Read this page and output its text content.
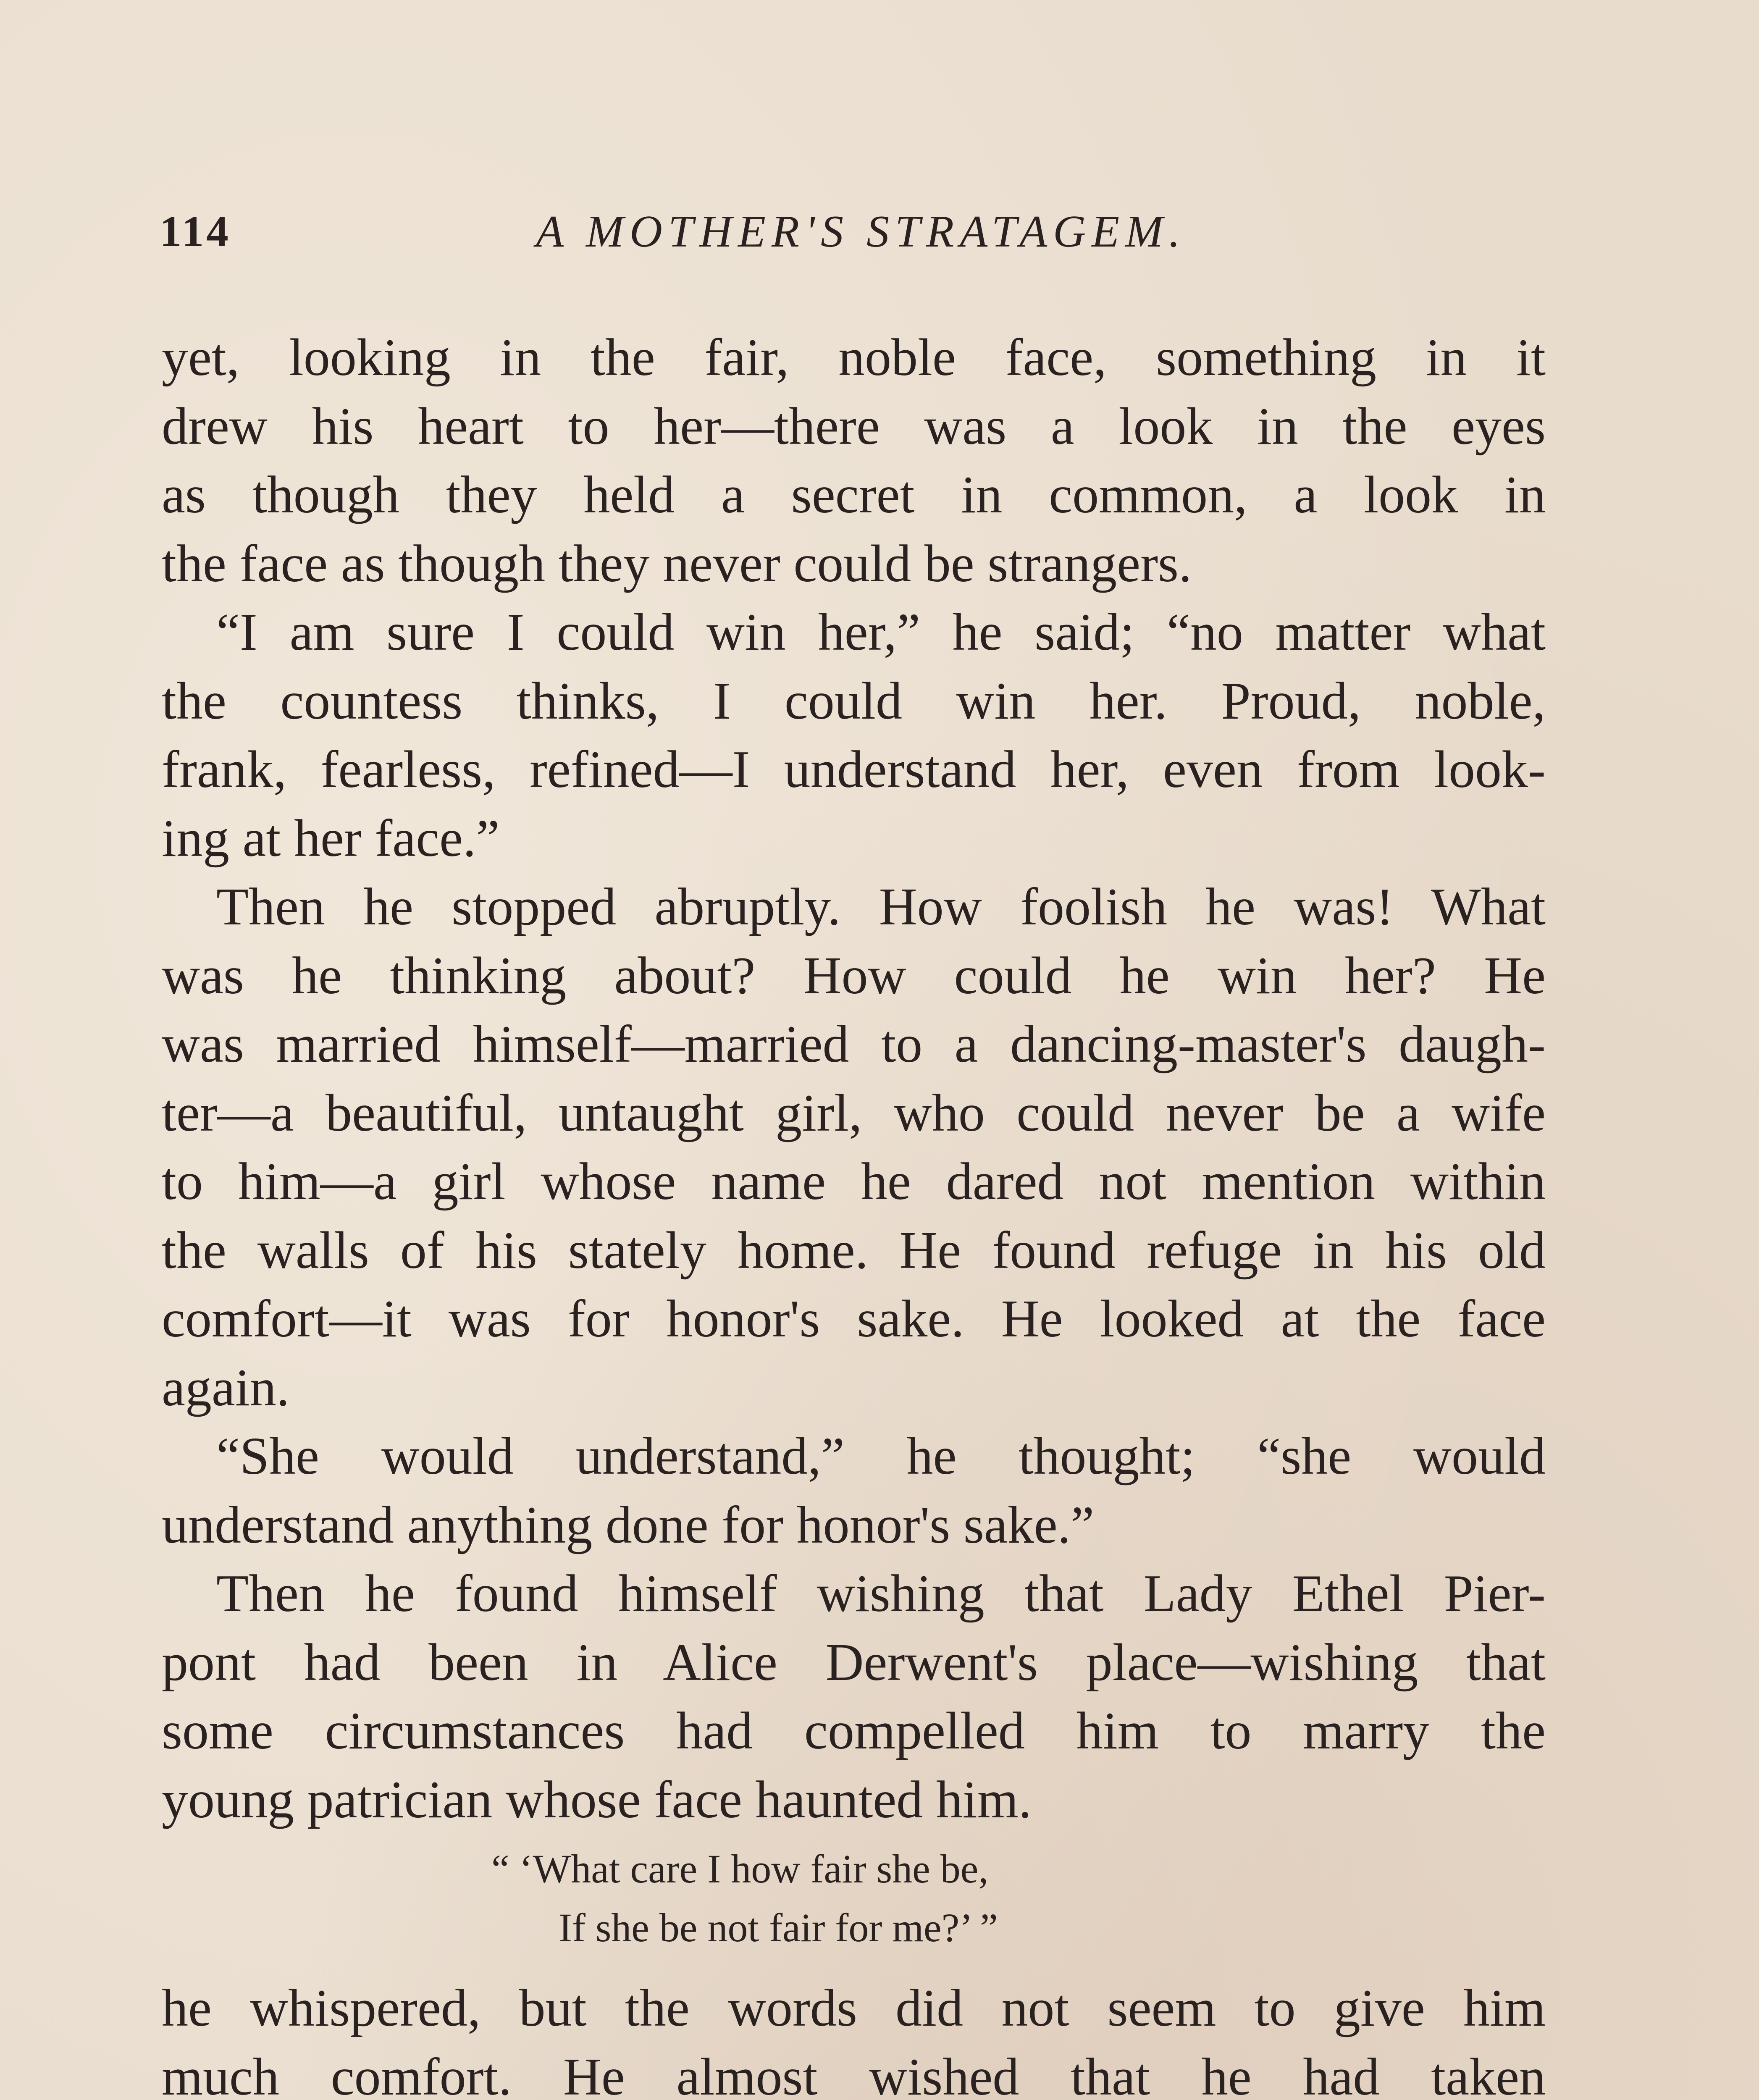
114	A MOTHER'S STRATAGEM.
yet, looking in the fair, noble face, something in it
drew his heart to her—there was a look in the eyes
as though they held a secret in common, a look in
the face as though they never could be strangers.
“I am sure I could win her,” he said; “no matter what
the countess thinks, I could win her. Proud, noble,
frank, fearless, refined—I understand her, even from look-
ing at her face.”
Then he stopped abruptly. How foolish he was! What
was he thinking about? How could he win her? He
was married himself—married to a dancing-master's daugh-
ter—a beautiful, untaught girl, who could never be a wife
to him—a girl whose name he dared not mention within
the walls of his stately home. He found refuge in his old
comfort—it was for honor's sake. He looked at the face
again.
“She would understand,” he thought; “she would
understand anything done for honor's sake.”
Then he found himself wishing that Lady Ethel Pier-
pont had been in Alice Derwent's place—wishing that
some circumstances had compelled him to marry the
young patrician whose face haunted him.
“ ‘What care I how fair she be,
If she be not fair for me?’ ”
he whispered, but the words did not seem to give him
much comfort. He almost wished that he had taken
